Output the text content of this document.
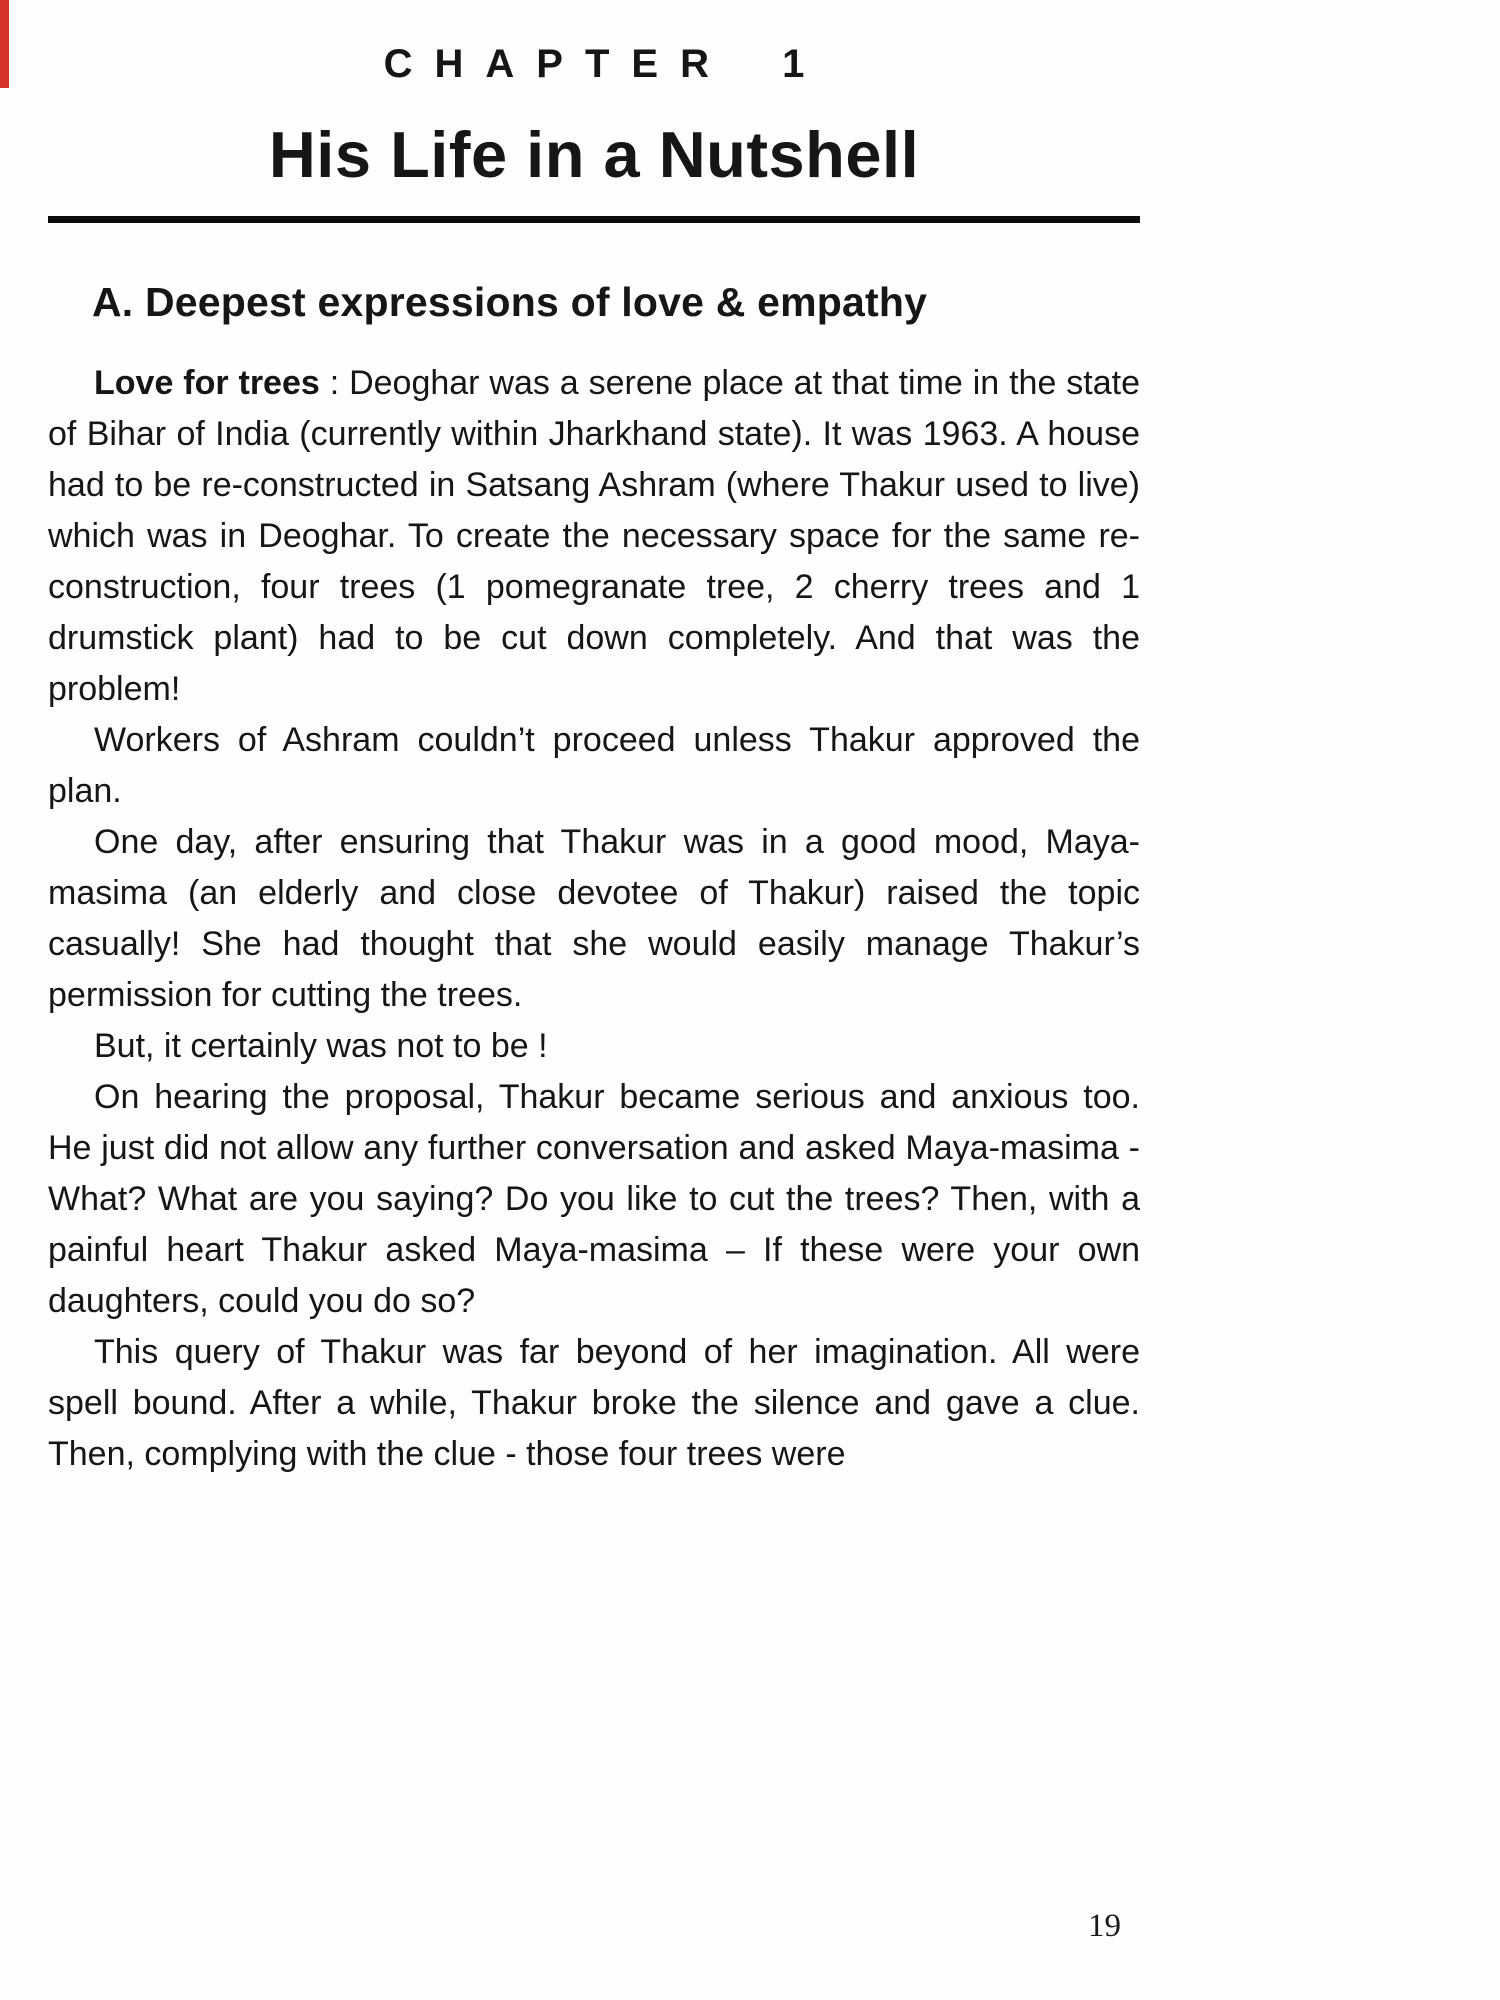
CHAPTER 1
His Life in a Nutshell
A. Deepest expressions of love & empathy

Love for trees : Deoghar was a serene place at that time in the state of Bihar of India (currently within Jharkhand state). It was 1963. A house had to be re-constructed in Satsang Ashram (where Thakur used to live) which was in Deoghar. To create the necessary space for the same re-construction, four trees (1 pomegranate tree, 2 cherry trees and 1 drumstick plant) had to be cut down completely. And that was the problem!

Workers of Ashram couldn’t proceed unless Thakur approved the plan.

One day, after ensuring that Thakur was in a good mood, Maya-masima (an elderly and close devotee of Thakur) raised the topic casually! She had thought that she would easily manage Thakur’s permission for cutting the trees.

But, it certainly was not to be !

On hearing the proposal, Thakur became serious and anxious too. He just did not allow any further conversation and asked Maya-masima - What? What are you saying? Do you like to cut the trees? Then, with a painful heart Thakur asked Maya-masima – If these were your own daughters, could you do so?

This query of Thakur was far beyond of her imagination. All were spell bound. After a while, Thakur broke the silence and gave a clue. Then, complying with the clue - those four trees were

19
